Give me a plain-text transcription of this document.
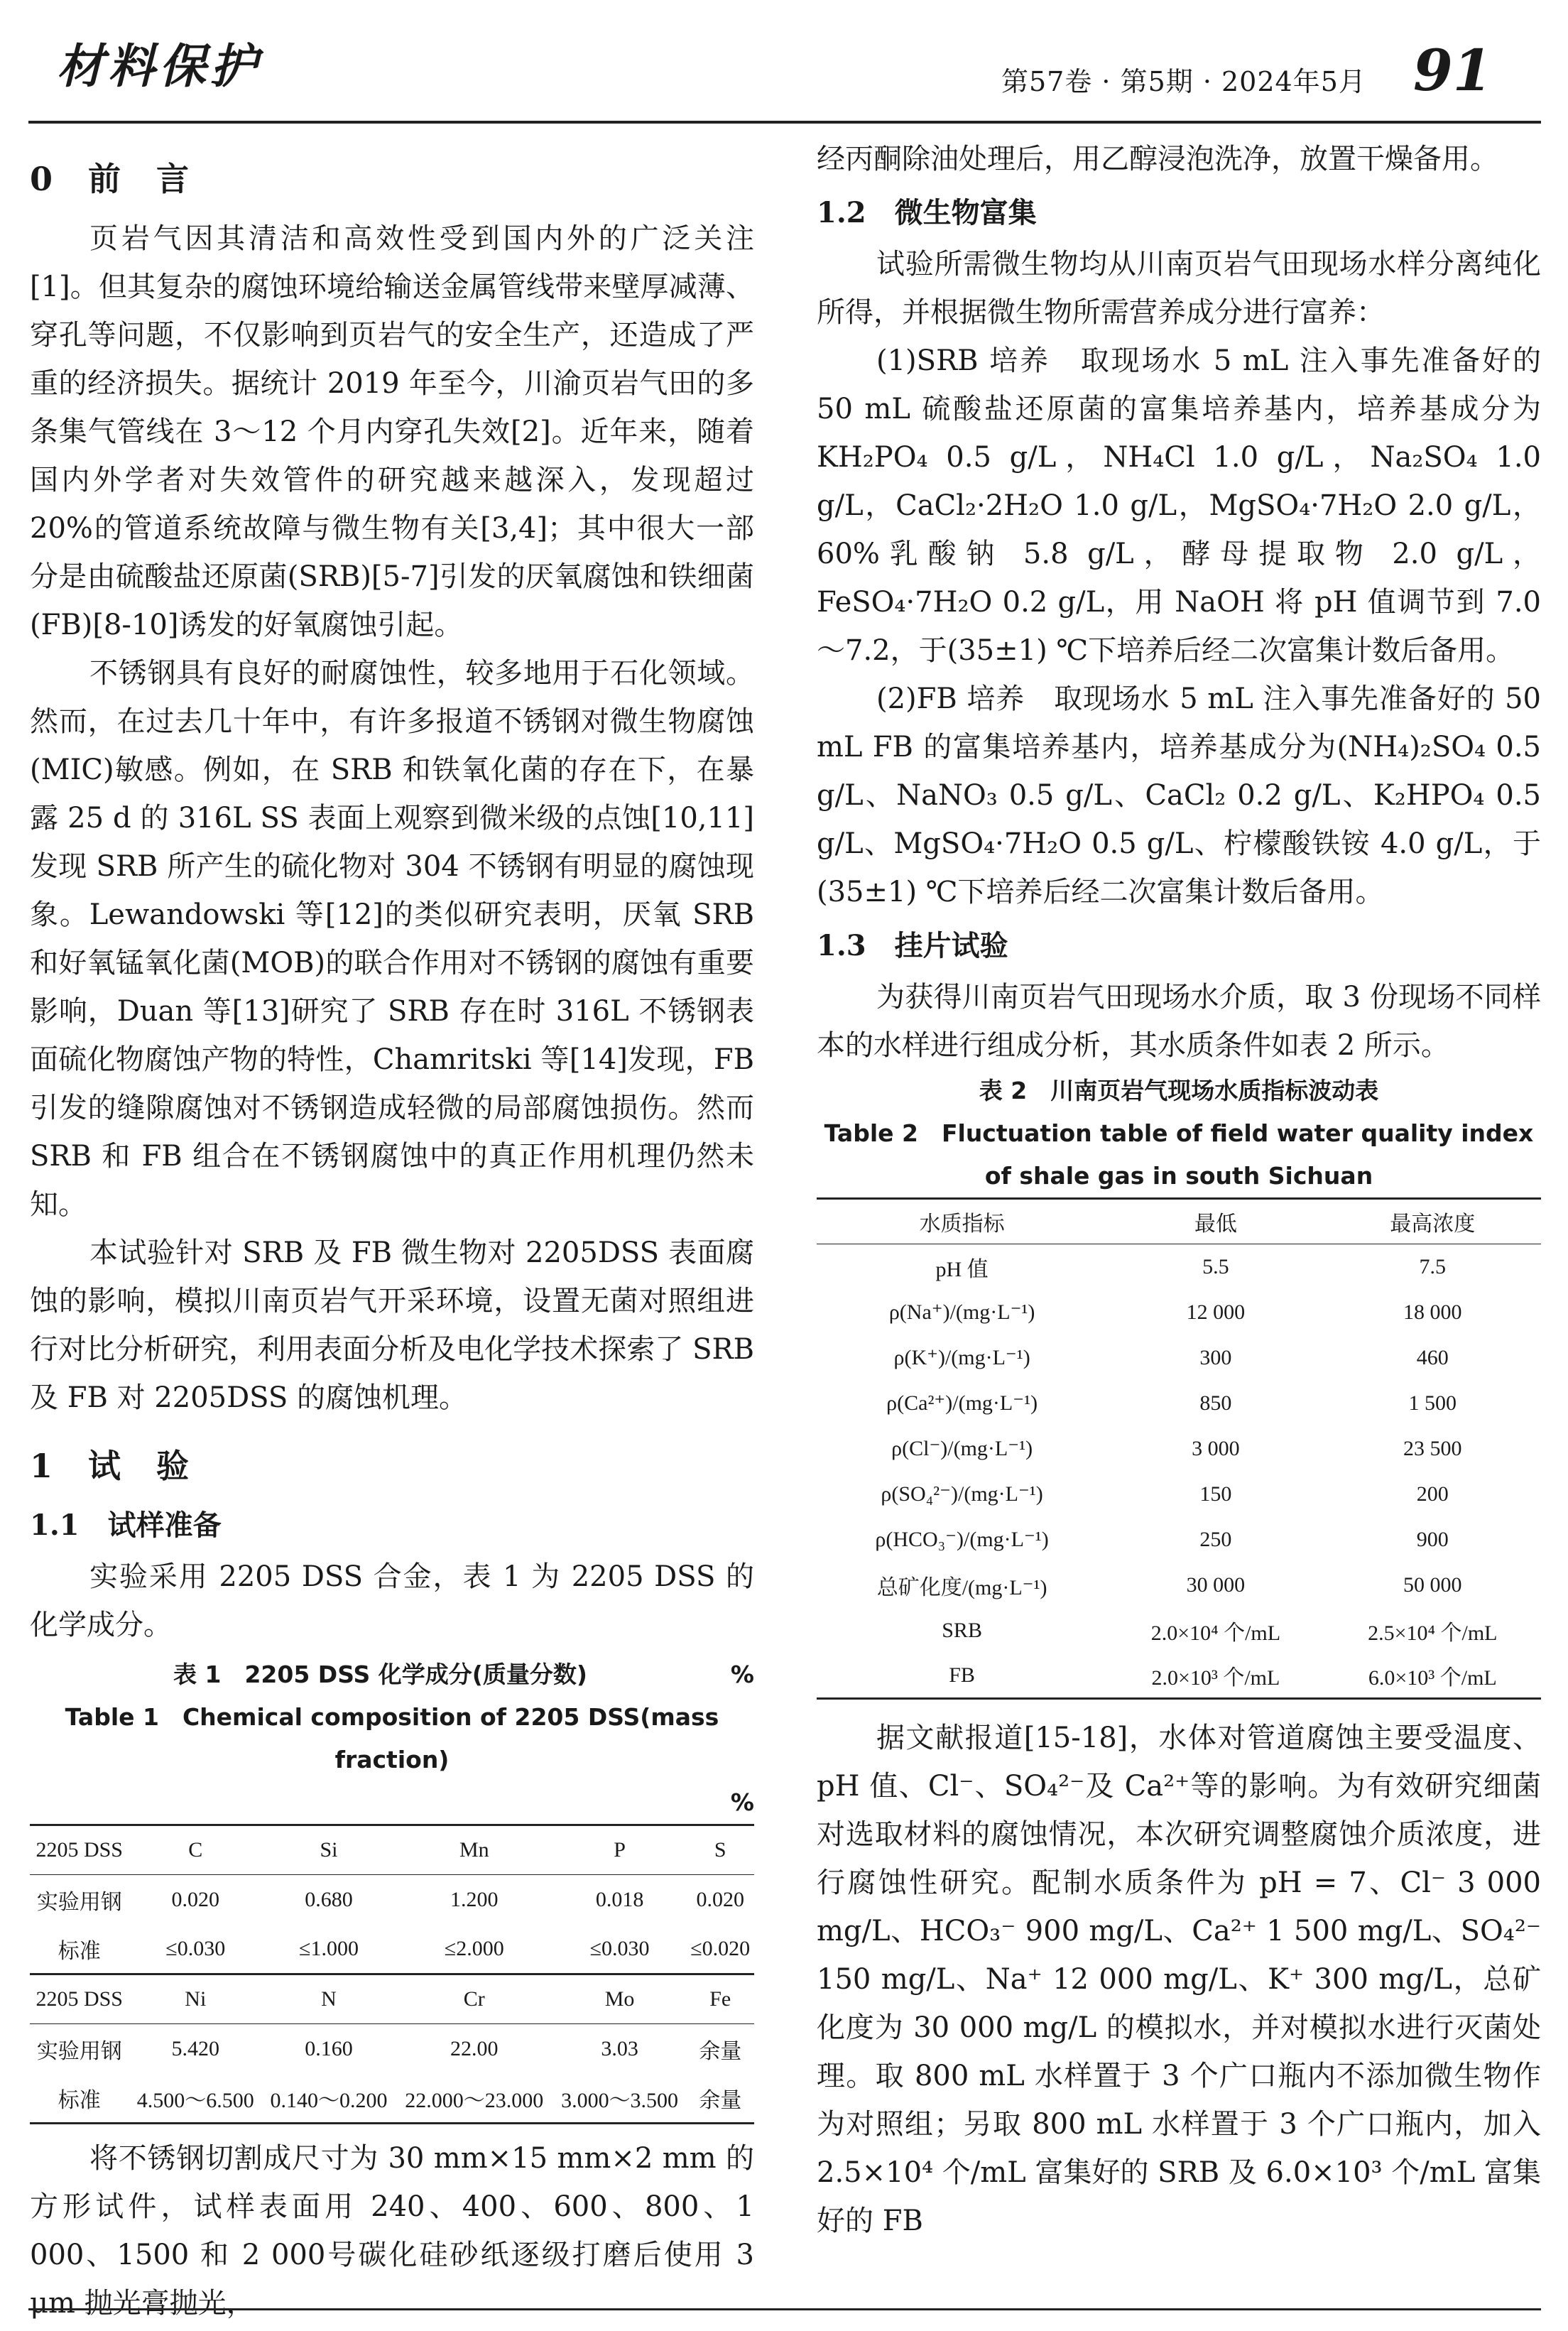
材料保护	第57卷 · 第5期 · 2024年5月 91
0　前　言

页岩气因其清洁和高效性受到国内外的广泛关注[1]。但其复杂的腐蚀环境给输送金属管线带来壁厚减薄、穿孔等问题，不仅影响到页岩气的安全生产，还造成了严重的经济损失。据统计 2019 年至今，川渝页岩气田的多条集气管线在 3～12 个月内穿孔失效[2]。近年来，随着国内外学者对失效管件的研究越来越深入，发现超过 20%的管道系统故障与微生物有关[3,4]；其中很大一部分是由硫酸盐还原菌(SRB)[5-7]引发的厌氧腐蚀和铁细菌(FB)[8-10]诱发的好氧腐蚀引起。

不锈钢具有良好的耐腐蚀性，较多地用于石化领域。然而，在过去几十年中，有许多报道不锈钢对微生物腐蚀(MIC)敏感。例如，在 SRB 和铁氧化菌的存在下，在暴露 25 d 的 316L SS 表面上观察到微米级的点蚀[10,11]发现 SRB 所产生的硫化物对 304 不锈钢有明显的腐蚀现象。Lewandowski 等[12]的类似研究表明，厌氧 SRB 和好氧锰氧化菌(MOB)的联合作用对不锈钢的腐蚀有重要影响，Duan 等[13]研究了 SRB 存在时 316L 不锈钢表面硫化物腐蚀产物的特性，Chamritski 等[14]发现，FB 引发的缝隙腐蚀对不锈钢造成轻微的局部腐蚀损伤。然而 SRB 和 FB 组合在不锈钢腐蚀中的真正作用机理仍然未知。

本试验针对 SRB 及 FB 微生物对 2205DSS 表面腐蚀的影响，模拟川南页岩气开采环境，设置无菌对照组进行对比分析研究，利用表面分析及电化学技术探索了 SRB 及 FB 对 2205DSS 的腐蚀机理。

1　试　验
1.1　试样准备

实验采用 2205 DSS 合金，表 1 为 2205 DSS 的化学成分。

表 1　2205 DSS 化学成分(质量分数)	%
Table 1　Chemical composition of 2205 DSS(mass fraction)
%
2205 DSS	C	Si	Mn	P	S
实验用钢	0.020	0.680	1.200	0.018	0.020
标准	≤0.030	≤1.000	≤2.000	≤0.030	≤0.020
2205 DSS	Ni	N	Cr	Mo	Fe
实验用钢	5.420	0.160	22.00	3.03	余量
标准	4.500～6.500	0.140～0.200	22.000～23.000	3.000～3.500	余量

将不锈钢切割成尺寸为 30 mm×15 mm×2 mm 的方形试件，试样表面用 240、400、600、800、1 000、1500 和 2 000号碳化硅砂纸逐级打磨后使用 3 μm 抛光膏抛光，

经丙酮除油处理后，用乙醇浸泡洗净，放置干燥备用。

1.2　微生物富集

试验所需微生物均从川南页岩气田现场水样分离纯化所得，并根据微生物所需营养成分进行富养：

(1)SRB 培养　取现场水 5 mL 注入事先准备好的 50 mL 硫酸盐还原菌的富集培养基内，培养基成分为 KH₂PO₄ 0.5 g/L，NH₄Cl 1.0 g/L，Na₂SO₄ 1.0 g/L，CaCl₂·2H₂O 1.0 g/L，MgSO₄·7H₂O 2.0 g/L，60%乳酸钠 5.8 g/L，酵母提取物 2.0 g/L，FeSO₄·7H₂O 0.2 g/L，用 NaOH 将 pH 值调节到 7.0～7.2，于(35±1) ℃下培养后经二次富集计数后备用。

(2)FB 培养　取现场水 5 mL 注入事先准备好的 50 mL FB 的富集培养基内，培养基成分为(NH₄)₂SO₄ 0.5 g/L、NaNO₃ 0.5 g/L、CaCl₂ 0.2 g/L、K₂HPO₄ 0.5 g/L、MgSO₄·7H₂O 0.5 g/L、柠檬酸铁铵 4.0 g/L，于(35±1) ℃下培养后经二次富集计数后备用。

1.3　挂片试验

为获得川南页岩气田现场水介质，取 3 份现场不同样本的水样进行组成分析，其水质条件如表 2 所示。

表 2　川南页岩气现场水质指标波动表
Table 2　Fluctuation table of field water quality index
of shale gas in south Sichuan
水质指标	最低	最高浓度
pH 值	5.5	7.5
ρ(Na⁺)/(mg·L⁻¹)	12 000	18 000
ρ(K⁺)/(mg·L⁻¹)	300	460
ρ(Ca²⁺)/(mg·L⁻¹)	850	1 500
ρ(Cl⁻)/(mg·L⁻¹)	3 000	23 500
ρ(SO₄²⁻)/(mg·L⁻¹)	150	200
ρ(HCO₃⁻)/(mg·L⁻¹)	250	900
总矿化度/(mg·L⁻¹)	30 000	50 000
SRB	2.0×10⁴ 个/mL	2.5×10⁴ 个/mL
FB	2.0×10³ 个/mL	6.0×10³ 个/mL

据文献报道[15-18]，水体对管道腐蚀主要受温度、pH 值、Cl⁻、SO₄²⁻及 Ca²⁺等的影响。为有效研究细菌对选取材料的腐蚀情况，本次研究调整腐蚀介质浓度，进行腐蚀性研究。配制水质条件为 pH = 7、Cl⁻ 3 000 mg/L、HCO₃⁻ 900 mg/L、Ca²⁺ 1 500 mg/L、SO₄²⁻ 150 mg/L、Na⁺ 12 000 mg/L、K⁺ 300 mg/L，总矿化度为 30 000 mg/L 的模拟水，并对模拟水进行灭菌处理。取 800 mL 水样置于 3 个广口瓶内不添加微生物作为对照组；另取 800 mL 水样置于 3 个广口瓶内，加入 2.5×10⁴ 个/mL 富集好的 SRB 及 6.0×10³ 个/mL 富集好的 FB
